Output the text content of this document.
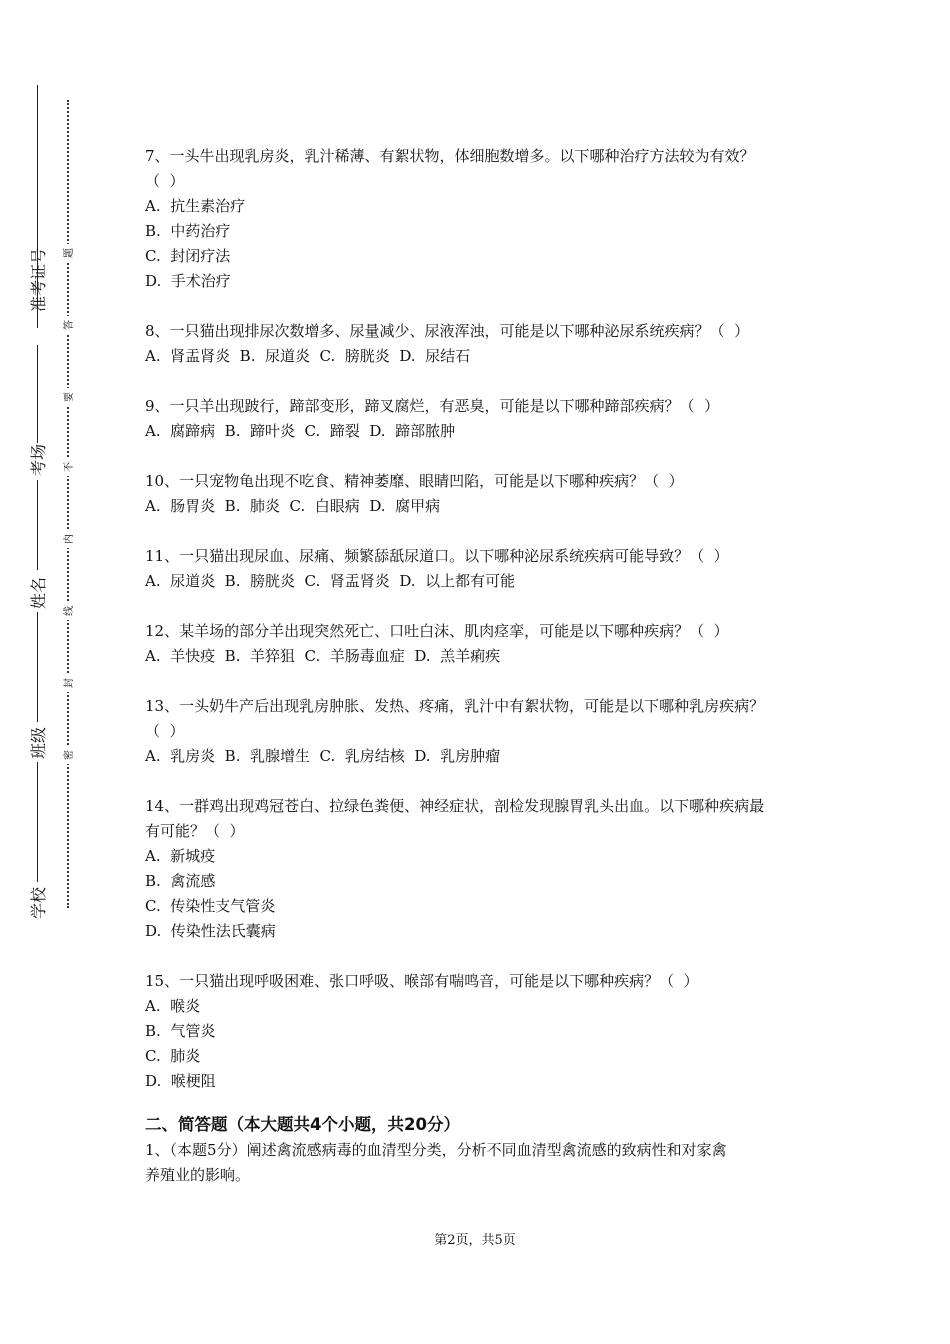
准考证号
考场
姓名
班级
学校
题
答
要
不
内
线
封
密
7、一头牛出现乳房炎，乳汁稀薄、有絮状物，体细胞数增多。以下哪种治疗方法较为有效？
（  ）
A.  抗生素治疗
B.  中药治疗
C.  封闭疗法
D.  手术治疗
8、一只猫出现排尿次数增多、尿量减少、尿液浑浊，可能是以下哪种泌尿系统疾病？（  ）
A.  肾盂肾炎  B.  尿道炎  C.  膀胱炎  D.  尿结石
9、一只羊出现跛行，蹄部变形，蹄叉腐烂，有恶臭，可能是以下哪种蹄部疾病？（  ）
A.  腐蹄病  B.  蹄叶炎  C.  蹄裂  D.  蹄部脓肿
10、一只宠物龟出现不吃食、精神萎靡、眼睛凹陷，可能是以下哪种疾病？（  ）
A.  肠胃炎  B.  肺炎  C.  白眼病  D.  腐甲病
11、一只猫出现尿血、尿痛、频繁舔舐尿道口。以下哪种泌尿系统疾病可能导致？（  ）
A.  尿道炎  B.  膀胱炎  C.  肾盂肾炎  D.  以上都有可能
12、某羊场的部分羊出现突然死亡、口吐白沫、肌肉痉挛，可能是以下哪种疾病？（  ）
A.  羊快疫  B.  羊猝狙  C.  羊肠毒血症  D.  羔羊痢疾
13、一头奶牛产后出现乳房肿胀、发热、疼痛，乳汁中有絮状物，可能是以下哪种乳房疾病？
（  ）
A.  乳房炎  B.  乳腺增生  C.  乳房结核  D.  乳房肿瘤
14、一群鸡出现鸡冠苍白、拉绿色粪便、神经症状，剖检发现腺胃乳头出血。以下哪种疾病最
有可能？（  ）
A.  新城疫
B.  禽流感
C.  传染性支气管炎
D.  传染性法氏囊病
15、一只猫出现呼吸困难、张口呼吸、喉部有喘鸣音，可能是以下哪种疾病？（  ）
A.  喉炎
B.  气管炎
C.  肺炎
D.  喉梗阻
二、简答题（本大题共4个小题，共20分）
1、（本题5分）阐述禽流感病毒的血清型分类，分析不同血清型禽流感的致病性和对家禽
养殖业的影响。
第2页，共5页
